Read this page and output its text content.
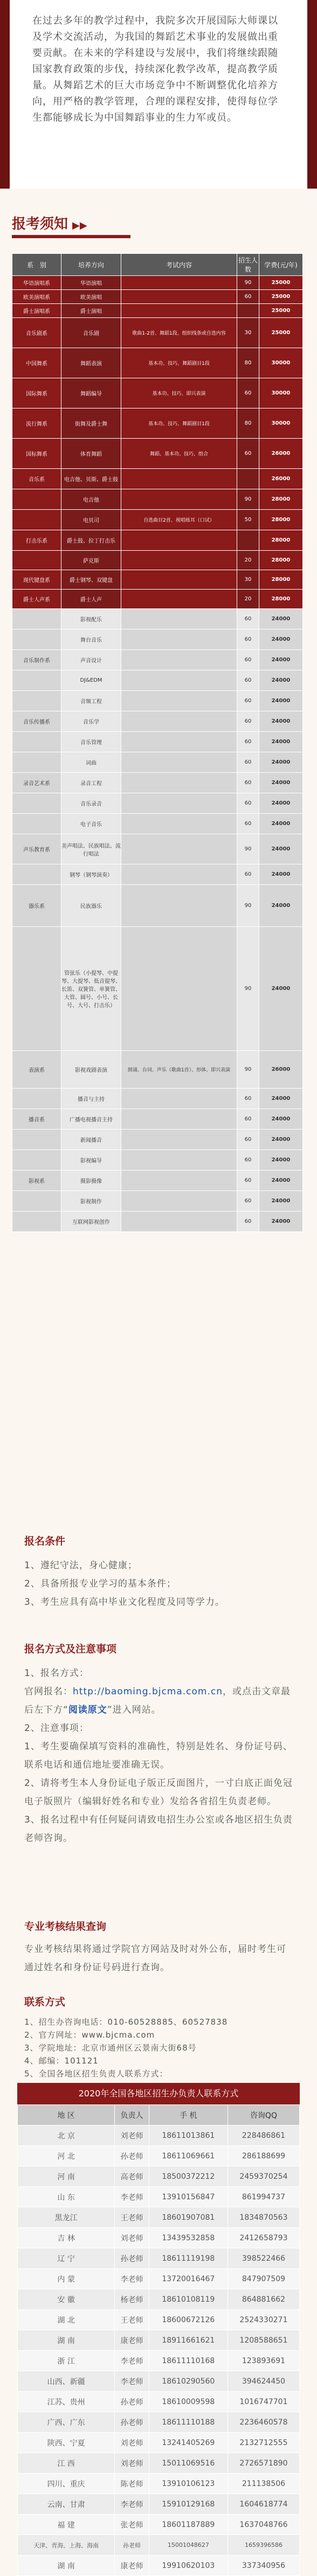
在过去多年的教学过程中，我院多次开展国际大师课以及学术交流活动，为我国的舞蹈艺术事业的发展做出重要贡献。在未来的学科建设与发展中，我们将继续跟随国家教育政策的步伐，持续深化教学改革，提高教学质量。从舞蹈艺术的巨大市场竞争中不断调整优化培养方向，用严格的教学管理，合理的课程安排，使得每位学生都能够成长为中国舞蹈事业的生力军或员。

报考须知 ▶▶
系　别	培养方向	考试内容	招生人数	学费(元/年)
华语演唱系	华语演唱		90	25000
欧美演唱系	欧美演唱		60	25000
爵士演唱系	爵士演唱			25000
音乐剧系	音乐剧	歌曲1-2首、舞蹈1段、组织线条或自选内容	30	25000
中国舞系	舞蹈表演	基本功、技巧、舞蹈剧目1段	80	30000
国际舞系	舞蹈编导	基本功、技巧、即兴表演	60	30000
流行舞系	街舞及爵士舞	基本功、技巧、舞蹈剧目1段	80	30000
国标舞系	体育舞蹈	舞蹈、基本功、技巧、组合	60	26000
音乐系	电吉他、贝斯、爵士鼓			26000
	电吉他		90	28000
	电贝司	自选曲目2首、视唱练耳（口试）	50	28000
打击乐系	爵士鼓、拉丁打击乐			28000
	萨克斯		20	28000
现代键盘系	爵士钢琴、双键盘		30	28000
爵士人声系	爵士人声		20	28000
	影视配乐		60	24000
	舞台音乐		60	24000
音乐制作系	声音设计		60	24000
	DJ&EDM		60	24000
	音频工程		60	24000
音乐传播系	音乐学		60	24000
	音乐管理		60	24000
	词曲		60	24000
录音艺术系	录音工程		60	24000
	音乐录音		60	24000
	电子音乐		60	24000
声乐教育系	美声唱法、民族唱法、流行唱法		90	24000
	钢琴（钢琴演奏）		60	24000
器乐系	民族器乐		90	24000
	管弦乐（小提琴、中提琴、大提琴、低音提琴、长笛、双簧管、单簧管、大管、圆号、小号、长号、大号、打击乐）		90	24000
表演系	影视戏剧表演	朗诵、台词、声乐（歌曲1首）、形体、即兴表演	90	26000
	播音与主持		60	24000
播音系	广播电视播音主持		60	24000
	新闻播音		60	24000
	影视编导		60	24000
影视系	摄影摄像		60	24000
	影视制作		60	24000
	互联网影视创作		60	24000
报名条件
1、遵纪守法，身心健康；
2、具备所报专业学习的基本条件；
3、考生应具有高中毕业文化程度及同等学力。
报名方式及注意事项
1、报名方式：
官网报名：http://baoming.bjcma.com.cn，或点击文章最后左下方“阅读原文”进入网站。
2、注意事项：
1、考生要确保填写资料的准确性，特别是姓名、身份证号码、联系电话和通信地址要准确无误。
2、请将考生本人身份证电子版正反面图片，一寸白底正面免冠电子版照片（编辑好姓名和专业）发给各省招生负责老师。
3、报名过程中有任何疑问请致电招生办公室或各地区招生负责老师咨询。
专业考核结果查询
专业考核结果将通过学院官方网站及时对外公布，届时考生可通过姓名和身份证号码进行查询。
联系方式
1、招生办咨询电话：010-60528885、60527838
2、官方网址：www.bjcma.com
3、学院地址：北京市通州区云景南大街68号
4、邮编：101121
5、全国各地区招生负责人联系方式：
2020年全国各地区招生办负责人联系方式
地 区	负责人	手 机	咨询QQ
北 京	刘老师	18611013861	228486861
河 北	孙老师	18611069661	286188699
河 南	高老师	18500372212	2459370254
山 东	李老师	13910156847	861994737
黑龙江	王老师	18601907081	1834870563
吉 林	刘老师	13439532858	2412658793
辽 宁	孙老师	18611119198	398522466
内 蒙	李老师	13720016467	847907509
安 徽	杨老师	18610108119	864881662
湖 北	王老师	18600672126	2524330271
湖 南	康老师	18911661621	1208588651
浙 江	李老师	18611110168	123893691
山西、新疆	李老师	18610290560	394624450
江苏、贵州	孙老师	18610009598	1016747701
广西、广东	孙老师	18611110188	2236460578
陕西、宁夏	刘老师	13241405269	2132712555
江 西	刘老师	15011069516	2726571890
四川、重庆	陈老师	13910106123	211138506
云南、甘肃	李老师	15910129168	1604618774
福 建	张老师	18601187889	1637048766
天津、青海、上海、海南	孙老师	15001048627	1659396586
湖 南	康老师	19910620103	337340956
